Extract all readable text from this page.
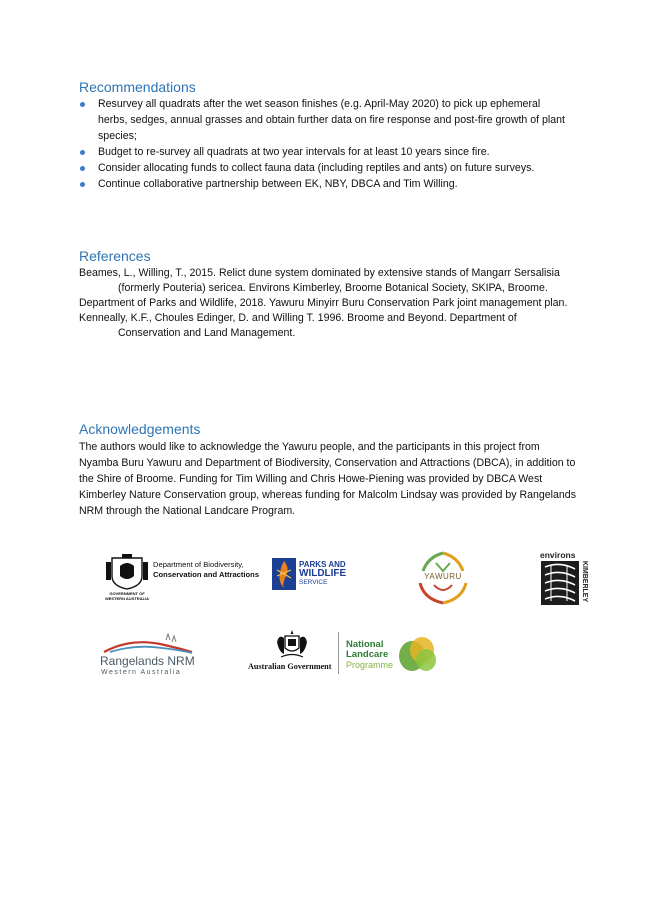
Recommendations
Resurvey all quadrats after the wet season finishes (e.g. April-May 2020) to pick up ephemeral herbs, sedges, annual grasses and obtain further data on fire response and post-fire growth of plant species;
Budget to re-survey all quadrats at two year intervals for at least 10 years since fire.
Consider allocating funds to collect fauna data (including reptiles and ants) on future surveys.
Continue collaborative partnership between EK, NBY, DBCA and Tim Willing.
References

Beames, L., Willing, T., 2015. Relict dune system dominated by extensive stands of Mangarr Sersalisia (formerly Pouteria) sericea. Environs Kimberley, Broome Botanical Society, SKIPA, Broome.

Department of Parks and Wildlife, 2018. Yawuru Minyirr Buru Conservation Park joint management plan.

Kenneally, K.F., Choules Edinger, D. and Willing T. 1996. Broome and Beyond. Department of Conservation and Land Management.

Acknowledgements
The authors would like to acknowledge the Yawuru people, and the participants in this project from Nyamba Buru Yawuru and Department of Biodiversity, Conservation and Attractions (DBCA), in addition to the Shire of Broome. Funding for Tim Willing and Chris Howe-Piening was provided by DBCA West Kimberley Nature Conservation group, whereas funding for Malcolm Lindsay was provided by Rangelands NRM through the National Landcare Program.
GOVERNMENT OF
WESTERN AUSTRALIA
Department of Biodiversity,
Conservation and Attractions
PARKS AND
WILDLIFE
SERVICE
YAWURU
environs
KIMBERLEY
Rangelands NRM
Western Australia
Australian Government
National
Landcare
Programme
